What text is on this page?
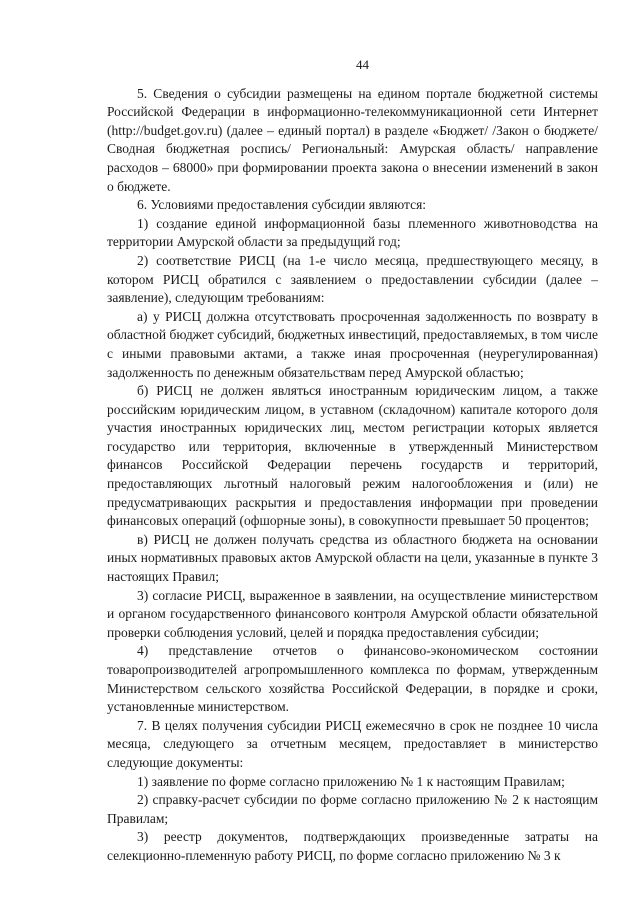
44

5. Сведения о субсидии размещены на едином портале бюджетной системы Российской Федерации в информационно-телекоммуникационной сети Интернет (http://budget.gov.ru) (далее – единый портал) в разделе «Бюджет/ /Закон о бюджете/ Сводная бюджетная роспись/ Региональный: Амурская область/ направление расходов – 68000» при формировании проекта закона о внесении изменений в закон о бюджете.

6. Условиями предоставления субсидии являются:

1) создание единой информационной базы племенного животноводства на территории Амурской области за предыдущий год;

2) соответствие РИСЦ (на 1-е число месяца, предшествующего месяцу, в котором РИСЦ обратился с заявлением о предоставлении субсидии (далее – заявление), следующим требованиям:

а) у РИСЦ должна отсутствовать просроченная задолженность по возврату в областной бюджет субсидий, бюджетных инвестиций, предоставляемых, в том числе с иными правовыми актами, а также иная просроченная (неурегулированная) задолженность по денежным обязательствам перед Амурской областью;

б) РИСЦ не должен являться иностранным юридическим лицом, а также российским юридическим лицом, в уставном (складочном) капитале которого доля участия иностранных юридических лиц, местом регистрации которых является государство или территория, включенные в утвержденный Министерством финансов Российской Федерации перечень государств и территорий, предоставляющих льготный налоговый режим налогообложения и (или) не предусматривающих раскрытия и предоставления информации при проведении финансовых операций (офшорные зоны), в совокупности превышает 50 процентов;

в) РИСЦ не должен получать средства из областного бюджета на основании иных нормативных правовых актов Амурской области на цели, указанные в пункте 3 настоящих Правил;

3) согласие РИСЦ, выраженное в заявлении, на осуществление министерством и органом государственного финансового контроля Амурской области обязательной проверки соблюдения условий, целей и порядка предоставления субсидии;

4) представление отчетов о финансово-экономическом состоянии товаропроизводителей агропромышленного комплекса по формам, утвержденным Министерством сельского хозяйства Российской Федерации, в порядке и сроки, установленные министерством.

7. В целях получения субсидии РИСЦ ежемесячно в срок не позднее 10 числа месяца, следующего за отчетным месяцем, предоставляет в министерство следующие документы:

1) заявление по форме согласно приложению № 1 к настоящим Правилам;

2) справку-расчет субсидии по форме согласно приложению № 2 к настоящим Правилам;

3) реестр документов, подтверждающих произведенные затраты на селекционно-племенную работу РИСЦ, по форме согласно приложению № 3 к
